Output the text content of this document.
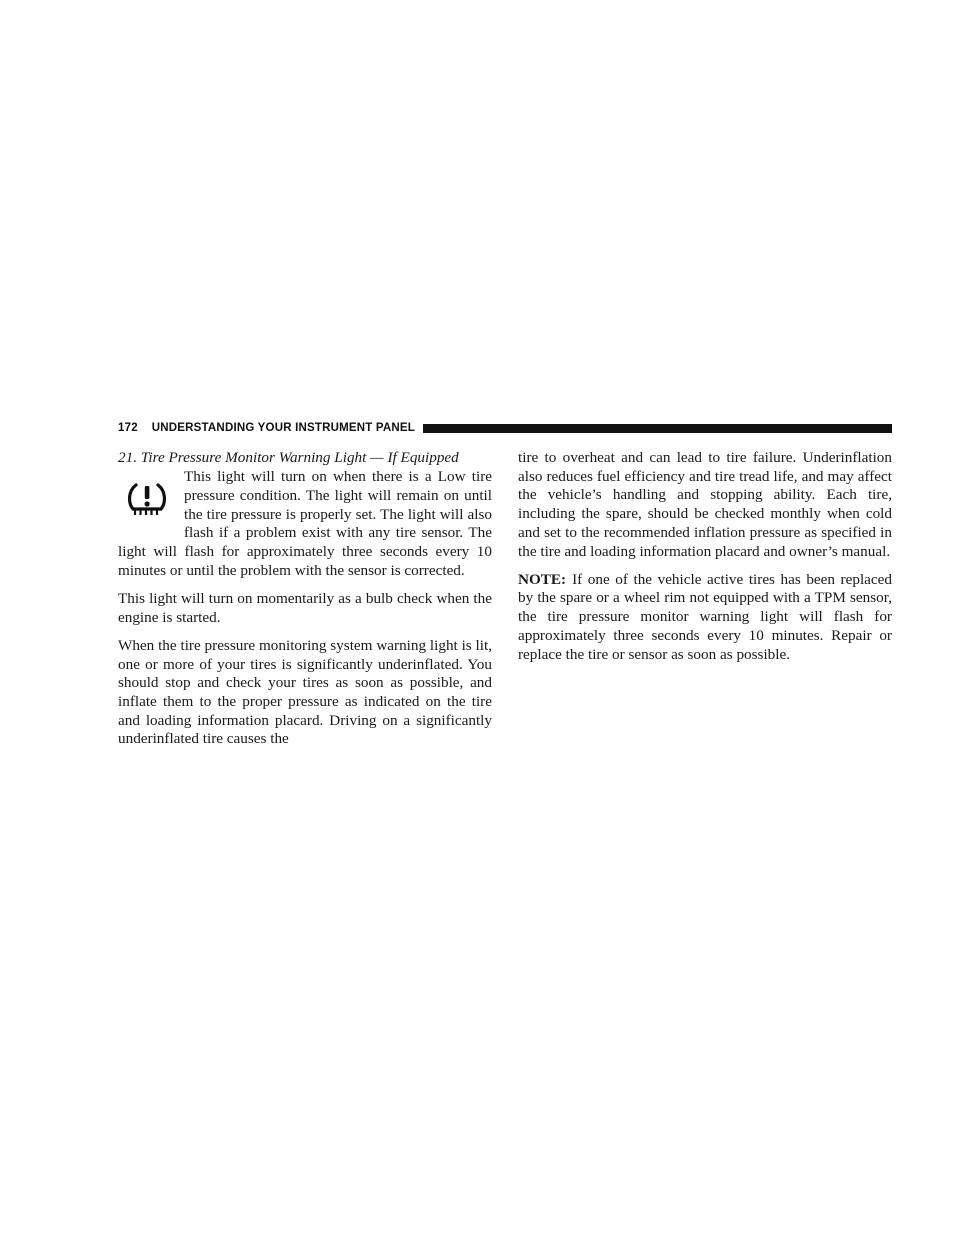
172 UNDERSTANDING YOUR INSTRUMENT PANEL
21. Tire Pressure Monitor Warning Light — If Equipped

This light will turn on when there is a Low tire pressure condition. The light will remain on until the tire pressure is properly set. The light will also flash if a problem exist with any tire sensor. The light will flash for approximately three seconds every 10 minutes or until the problem with the sensor is corrected.

This light will turn on momentarily as a bulb check when the engine is started.

When the tire pressure monitoring system warning light is lit, one or more of your tires is significantly underinflated. You should stop and check your tires as soon as possible, and inflate them to the proper pressure as indicated on the tire and loading information placard. Driving on a significantly underinflated tire causes the

tire to overheat and can lead to tire failure. Underinflation also reduces fuel efficiency and tire tread life, and may affect the vehicle’s handling and stopping ability. Each tire, including the spare, should be checked monthly when cold and set to the recommended inflation pressure as specified in the tire and loading information placard and owner’s manual.

NOTE: If one of the vehicle active tires has been replaced by the spare or a wheel rim not equipped with a TPM sensor, the tire pressure monitor warning light will flash for approximately three seconds every 10 minutes. Repair or replace the tire or sensor as soon as possible.
